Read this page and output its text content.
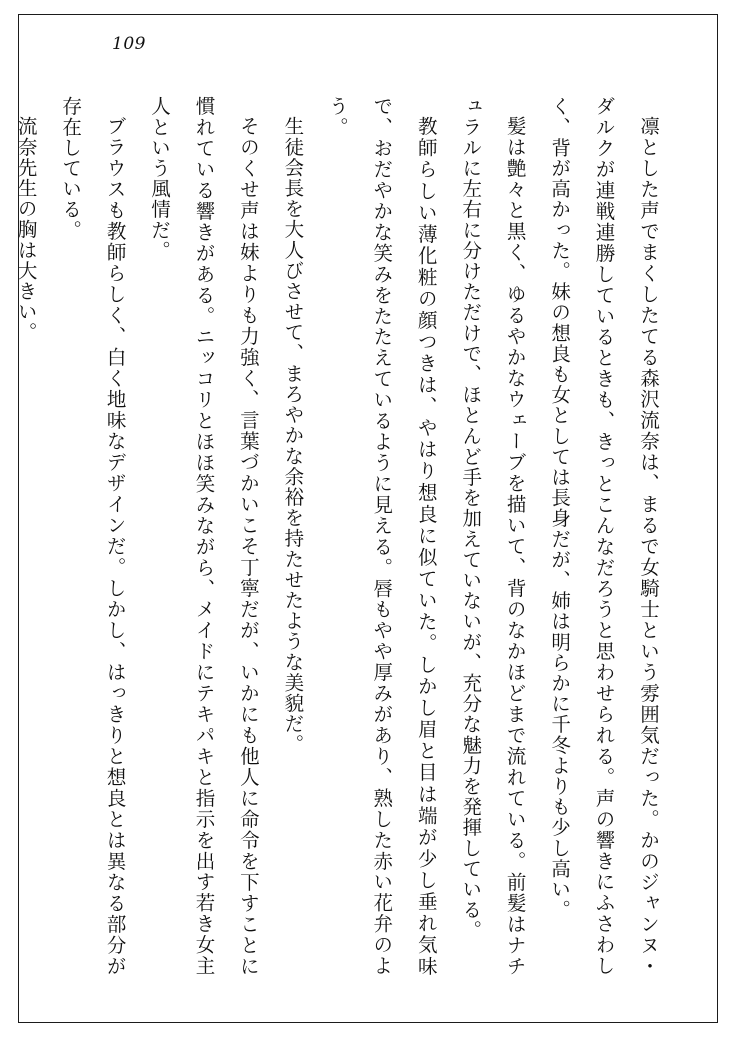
109

凛とした声でまくしたてる森沢流奈は、まるで女騎士という雰囲気だった。かのジャンヌ・ダルクが連戦連勝しているときも、きっとこんなだろうと思わせられる。声の響きにふさわしく、背が高かった。妹の想良も女としては長身だが、姉は明らかに千冬よりも少し高い。

髪は艶々と黒く、ゆるやかなウェーブを描いて、背のなかほどまで流れている。前髪はナチュラルに左右に分けただけで、ほとんど手を加えていないが、充分な魅力を発揮している。

教師らしい薄化粧の顔つきは、やはり想良に似ていた。しかし眉と目は端が少し垂れ気味で、おだやかな笑みをたたえているように見える。唇もやや厚みがあり、熟した赤い花弁のよう。

生徒会長を大人びさせて、まろやかな余裕を持たせたような美貌だ。

そのくせ声は妹よりも力強く、言葉づかいこそ丁寧だが、いかにも他人に命令を下すことに慣れている響きがある。ニッコリとほほ笑みながら、メイドにテキパキと指示を出す若き女主人という風情だ。

ブラウスも教師らしく、白く地味なデザインだ。しかし、はっきりと想良とは異なる部分が存在している。

流奈先生の胸は大きい。
